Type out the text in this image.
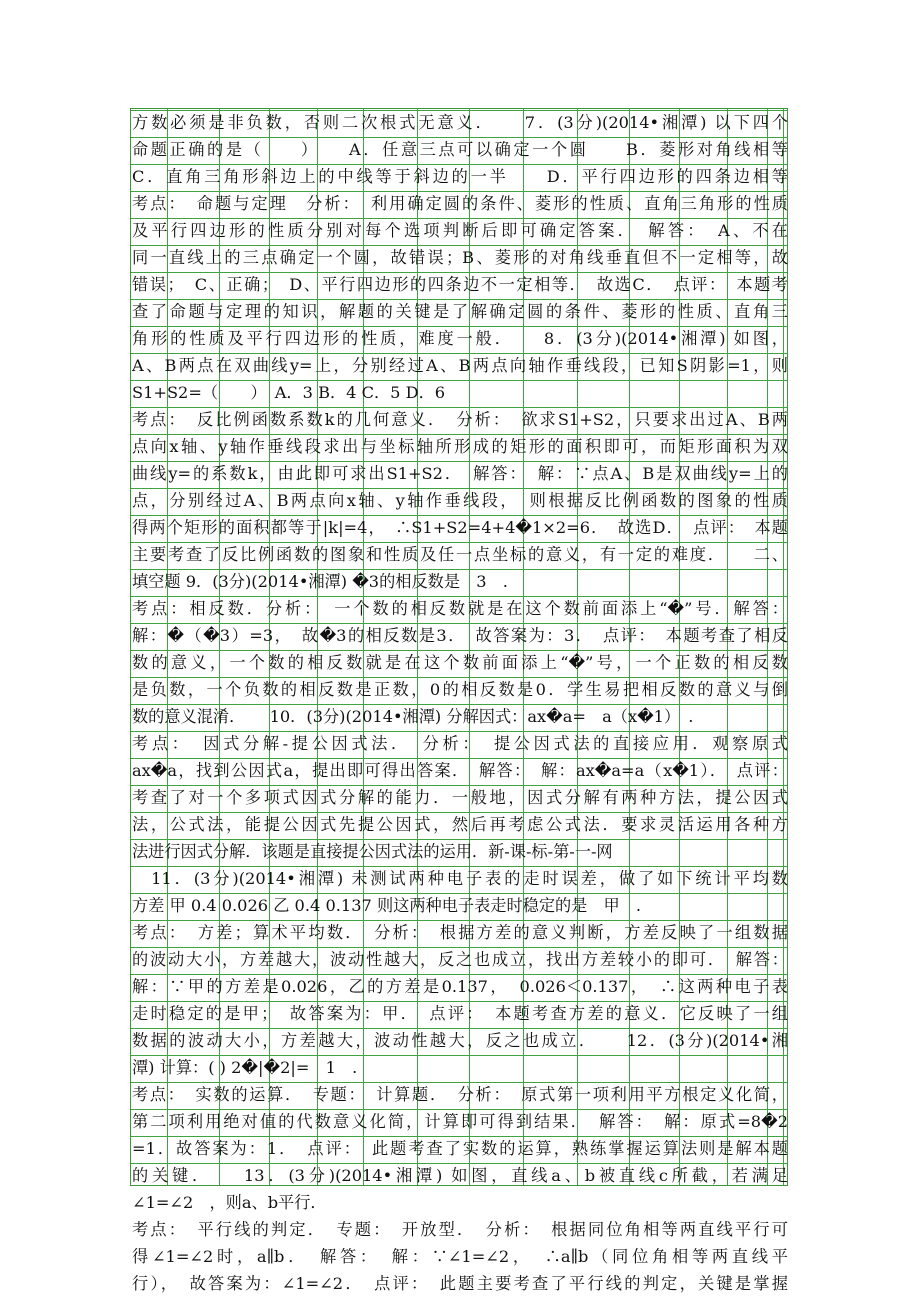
方数必须是非负数，否则二次根式无意义．　　7．(3分)(2014•湘潭) 以下四个
命题正确的是（　　）　　A．任意三点可以确定一个圆　　B．菱形对角线相等
C．直角三角形斜边上的中线等于斜边的一半　　D．平行四边形的四条边相等
考点：　命题与定理　分析：　利用确定圆的条件、菱形的性质、直角三角形的性质
及平行四边形的性质分别对每个选项判断后即可确定答案．　解答：　A、不在
同一直线上的三点确定一个圆，故错误；B、菱形的对角线垂直但不一定相等，故
错误；　C、正确；　D、平行四边形的四条边不一定相等．　故选C．　点评：　本题考
查了命题与定理的知识，解题的关键是了解确定圆的条件、菱形的性质、直角三
角形的性质及平行四边形的性质，难度一般．　　8．(3分)(2014•湘潭) 如图，
A、B两点在双曲线y=上，分别经过A、B两点向轴作垂线段，已知S阴影=1，则
S1+S2=（　　）　A．3 B．4 C．5 D．6
考点：　反比例函数系数k的几何意义．　分析：　欲求S1+S2，只要求出过A、B两
点向x轴、y轴作垂线段求出与坐标轴所形成的矩形的面积即可，而矩形面积为双
曲线y=的系数k，由此即可求出S1+S2．　解答：　解：∵点A、B是双曲线y=上的
点，分别经过A、B两点向x轴、y轴作垂线段，　则根据反比例函数的图象的性质
得两个矩形的面积都等于|k|=4，　∴S1+S2=4+4�1×2=6．　故选D．　点评：　本题
主要考查了反比例函数的图象和性质及任一点坐标的意义，有一定的难度．　　二、
填空题 9．(3分)(2014•湘潭) �3的相反数是　3　.
考点：相反数．分析：　一个数的相反数就是在这个数前面添上“�”号．解答：
解：�（�3）=3，　故�3的相反数是3．　故答案为：3．　点评：　本题考查了相反
数的意义，一个数的相反数就是在这个数前面添上“�”号，一个正数的相反数
是负数，一个负数的相反数是正数，0的相反数是0．学生易把相反数的意义与倒
数的意义混淆．　　10．(3分)(2014•湘潭) 分解因式：ax�a=　a（x�1）　.
考点：　因式分解-提公因式法．　分析：　提公因式法的直接应用．观察原式
ax�a，找到公因式a，提出即可得出答案．　解答：　解：ax�a=a（x�1）．　点评：
考查了对一个多项式因式分解的能力．一般地，因式分解有两种方法，提公因式
法，公式法，能提公因式先提公因式，然后再考虑公式法．要求灵活运用各种方
法进行因式分解．该题是直接提公因式法的运用．新-课-标-第-一-网
　11．(3分)(2014•湘潭) 未测试两种电子表的走时误差，做了如下统计平均数
方差 甲 0.4 0.026 乙 0.4 0.137 则这两种电子表走时稳定的是　甲　.
考点：　方差；算术平均数．　分析：　根据方差的意义判断，方差反映了一组数据
的波动大小，方差越大，波动性越大，反之也成立，找出方差较小的即可．　解答：
解：∵甲的方差是0.026，乙的方差是0.137，　0.026＜0.137，　∴这两种电子表
走时稳定的是甲；　故答案为：甲．　点评：　本题考查方差的意义．它反映了一组
数据的波动大小，方差越大，波动性越大，反之也成立．　　12．(3分)(2014•湘
潭) 计算：( ) 2�|�2|=　1　.
考点：　实数的运算．　专题：　计算题．　分析：　原式第一项利用平方根定义化简，
第二项利用绝对值的代数意义化简，计算即可得到结果．　解答：　解：原式=8�2
=1．故答案为：1．　点评：　此题考查了实数的运算，熟练掌握运算法则是解本题
的关键．　　13．(3分)(2014•湘潭) 如图，直线a、b被直线c所截，若满足
∠1=∠2　，则a、b平行．
考点：　平行线的判定．　专题：　开放型．　分析：　根据同位角相等两直线平行可
得∠1=∠2时，a∥b．　解答：　解：∵∠1=∠2，　∴a∥b（同位角相等两直线平
行），　故答案为：∠1=∠2．　点评：　此题主要考查了平行线的判定，关键是掌握
